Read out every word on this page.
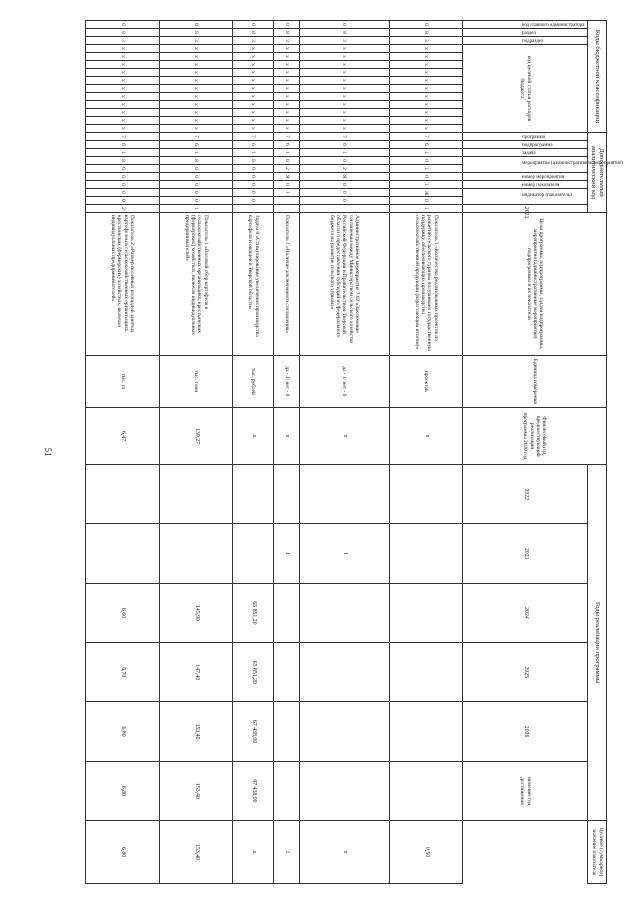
51
Коды бюджетной классификации														Дополнительный аналитический код										Цели программы, подпрограммы, задачи подпрограммы, мероприятия (административные мероприятия) подпрограммы и их показатели	Единица измерения	Финансовый год, предшествующий реализации программы 2020 год	Годы реализации программы						Целевое (суммарное) значение показателя
код главного администратора	раздел	подраздел	код целевой статьи расходов бюджета											программа	подпрограмма	задача	мероприятие (административное мероприятие)		номер мероприятия	номер показателя	индикатор (показатель)		2021				2022	2023	2024	2025	2026	значение год достижения	
0	8	3	х	х	х	х	х	х	х	х	х	х	х	7	6	1	0	1	0	1	Ж	0	1	Показатель 1 «Количество реализованных проектов по развитию сельского туризма получивших государственную поддержку, обеспечивающих производство сельскохозяйственной продукции (нарастающим итогом)»	проектов	х							0,50
0	8	3	х	х	х	х	х	х	х	х	х	х	х	7	6	1	0	2	Я	0	0	0		Административное мероприятие 7.02 «Заключение соглашения между Министерством сельского хозяйства Российской Федерации и Правительством Тверской области о предоставлении субсидий из федерального бюджета на развитие сельского туризма»	да - 1/ нет - 0	х		1					х
0	8	3	х	х	х	х	х	х	х	х	х	х	х	7	6	1	0	2	Я	0	1			Показатель 1 «Наличие заключенного соглашения»	да - 1/ нет - 0	х		1					1
0	8	3	х	х	х	х	х	х	х	х	х	х	х	7	6	1	8	0	0	0	0	0		Задача 8 «Стимулирование увеличения производства картофеля и овощей в Тверской области»	тыс. рублей	х			65 851,20	65 851,20	67 438,00	67 438,00	х
0	8	3	х	х	х	х	х	х	х	х	х	х	х	7	6	1	8	0	0	0	0	0	1	Показатель 1 «Валовой сбор картофеля в сельскохозяйственных организациях, крестьянских (фермерских) хозяйствах, включая индивидуальных предпринимателей»	тыс. тонн	139,27			145,90	147,40	153,40	153,40	153,40
0	8	3	х	х	х	х	х	х	х	х	х	х	х	7	6	1	8	0	0	0	0	0	2	Показатель 2 «Размер посевных площадей занятых картофелем в сельскохозяйственных организациях, крестьянских (фермерских) хозяйствах, включая индивидуальных предпринимателей»	тыс. га	6,47			6,60	6,70	6,80	6,80	6,80
